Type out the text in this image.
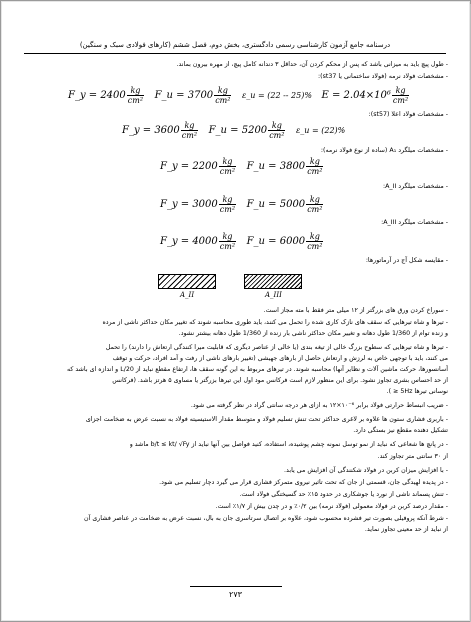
درسنامه جامع آزمون کارشناسی رسمی دادگستری، بخش دوم، فصل ششم (کارهای فولادی سبک و سنگین)
- طول پیچ باید به میزانی باشد که پس از محکم کردن آن، حداقل ۳ دندانه کامل پیچ، از مهره بیرون بماند.
- مشخصات فولاد نرمه (فولاد ساختمانی یا st37):
F_y = $2400 \frac{kg}{\text{cm²}}$ F_u = $3700 \frac{kg}{\text{cm²}}$ ε_u = (22 -- 25)% $E = 2.04\times 10^6 \frac{kg}{\text{cm²}}$
- مشخصات فولاد اعلا (st57):
F_y = $3600 \frac{kg}{\text{cm²}}$ F_u = $5200 \frac{kg}{\text{cm²}}$ ε_u = (22)%
- مشخصات میلگرد A₁ (ساده از نوع فولاد نرمه):
F_y = $2200 \frac{kg}{\text{cm²}}$ F_u = $3800 \frac{kg}{\text{cm²}}$
- مشخصات میلگرد A_II:
F_y = $3000 \frac{kg}{\text{cm²}}$ F_u = $5000 \frac{kg}{\text{cm²}}$
- مشخصات میلگرد A_III:
F_y = $4000 \frac{kg}{\text{cm²}}$ F_u = $6000 \frac{kg}{\text{cm²}}$
- مقایسه شکل آج در آرماتورها:
A_II	A_III
- سوراخ کردن ورق های بزرگتر از ۱۲ میلی متر فقط با مته مجاز است.
- تیرها و شاه تیرهایی که سقف های نازک کاری شده را تحمل می کنند، باید طوری محاسبه شوند که تغییر مکان حداکثر ناشی از مرده
و زنده توام از 1/360 طول دهانه و تغییر مکان حداکثر ناشی بار زنده از 1/360 طول دهانه بیشتر نشود.
- تیرها و شاه تیرهایی که سطوح بزرگ خالی از تیغه بندی (یا خالی از عناصر دیگری که قابلیت میرا کنندگی ارتعاش را دارند) را تحمل
می کنند، باید با توجهی خاص به لرزش و ارتعاش حاصل از بارهای جهیشی (تغییر بارهای ناشی از رفت و آمد افراد، حرکت و توقف
آسانسورها، حرکت ماشین آلات و نظایر آنها) محاسبه شوند. در تیرهای مربوط به این گونه سقف ها، ارتفاع مقطع نباید از L/20 و اندازه ای باشد که
از حد احساس بشری تجاوز نشود. برای این منظور لازم است فرکانس مود اول این تیرها بزرگتر یا مساوی ۵ هرتز باشد. (فرکانس
نوسانی تیرها 5Hz ≤ ).
- ضریب انبساط حرارتی فولاد برابر ⁶⁻۱۰×۱۲ به ازای هر درجه سانتی گراد در نظر گرفته می شود.
- باربری فشاری ستون ها علاوه بر لاغری حداکثر تحت تنش تسلیم فولاد و متوسط مقدار الاستیسیته فولاد به نسبت عرض به ضخامت اجزای
تشکیل دهنده مقطع نیز بستگی دارد.
- در پانچ ها شعاعی که نباید از نمو توسل نمونه چشم پوشیده، استفاده، کنید فواصل بین آنها نباید از b/t ≤ kt/ √Fy ماشد و
از ۳۰ سانتی متر تجاوز کند.
- با افزایش میزان کربن در فولاد شکنندگی آن افزایش می یابد.
- در پدیده لهیدگی جان، قسمتی از جان که تحت تاثیر نیروی متمرکز فشاری قرار می گیرد دچار تسلیم می شود.
- تنش پسماند ناشی از نورد یا جوشکاری در حدود ۱۵٪ حد گسیختگی فولاد است.
- مقدار درصد کربن در فولاد معمولی (فولاد نرمه) بین ۰/۲٪ و در چدن بیش از ۱/۷٪ است.
- شرط آنکه پروفیلی بصورت تیر فشرده محسوب شود، علاوه بر اتصال سرتاسری جان به بال، نسبت عرض به ضخامت در عناصر فشاری آن
از نباید از حد معینی تجاوز نماید.
۲۷۳
